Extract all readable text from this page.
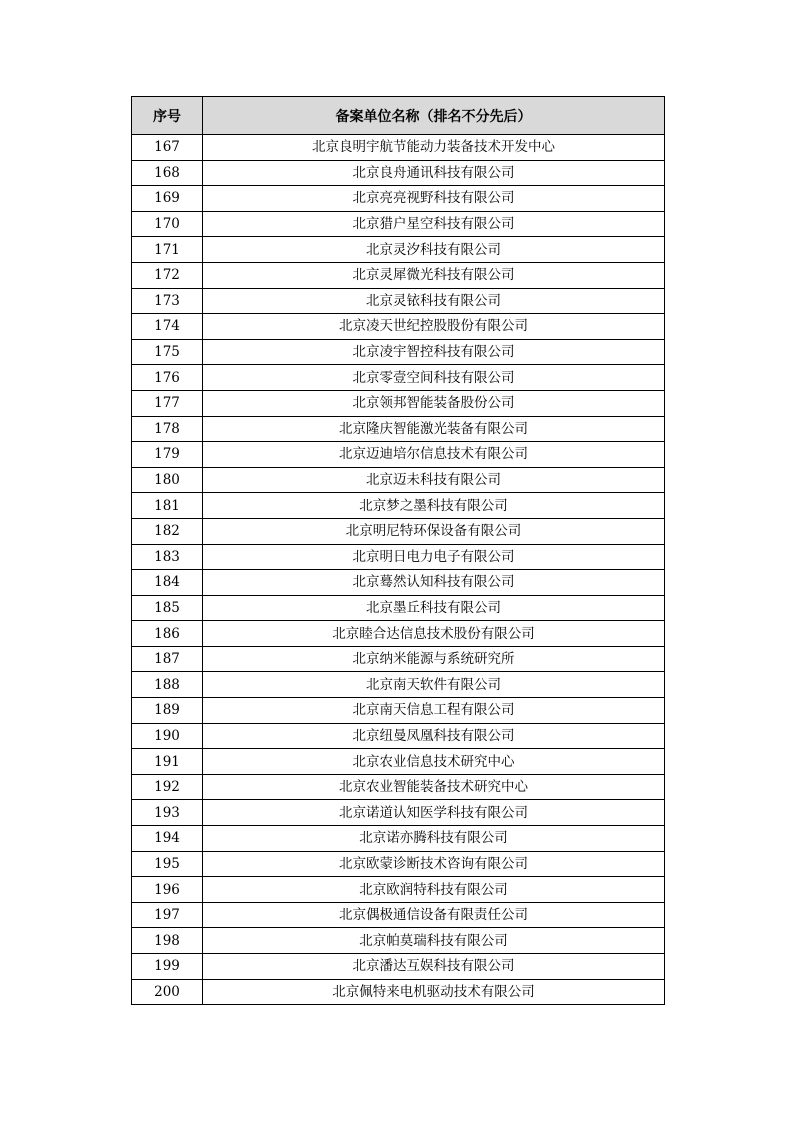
序号	备案单位名称（排名不分先后）
167	北京良明宇航节能动力装备技术开发中心
168	北京良舟通讯科技有限公司
169	北京亮亮视野科技有限公司
170	北京猎户星空科技有限公司
171	北京灵汐科技有限公司
172	北京灵犀微光科技有限公司
173	北京灵铱科技有限公司
174	北京凌天世纪控股股份有限公司
175	北京凌宇智控科技有限公司
176	北京零壹空间科技有限公司
177	北京领邦智能装备股份公司
178	北京隆庆智能激光装备有限公司
179	北京迈迪培尔信息技术有限公司
180	北京迈未科技有限公司
181	北京梦之墨科技有限公司
182	北京明尼特环保设备有限公司
183	北京明日电力电子有限公司
184	北京蓦然认知科技有限公司
185	北京墨丘科技有限公司
186	北京睦合达信息技术股份有限公司
187	北京纳米能源与系统研究所
188	北京南天软件有限公司
189	北京南天信息工程有限公司
190	北京纽曼凤凰科技有限公司
191	北京农业信息技术研究中心
192	北京农业智能装备技术研究中心
193	北京诺道认知医学科技有限公司
194	北京诺亦腾科技有限公司
195	北京欧蒙诊断技术咨询有限公司
196	北京欧润特科技有限公司
197	北京偶极通信设备有限责任公司
198	北京帕莫瑞科技有限公司
199	北京潘达互娱科技有限公司
200	北京佩特来电机驱动技术有限公司
